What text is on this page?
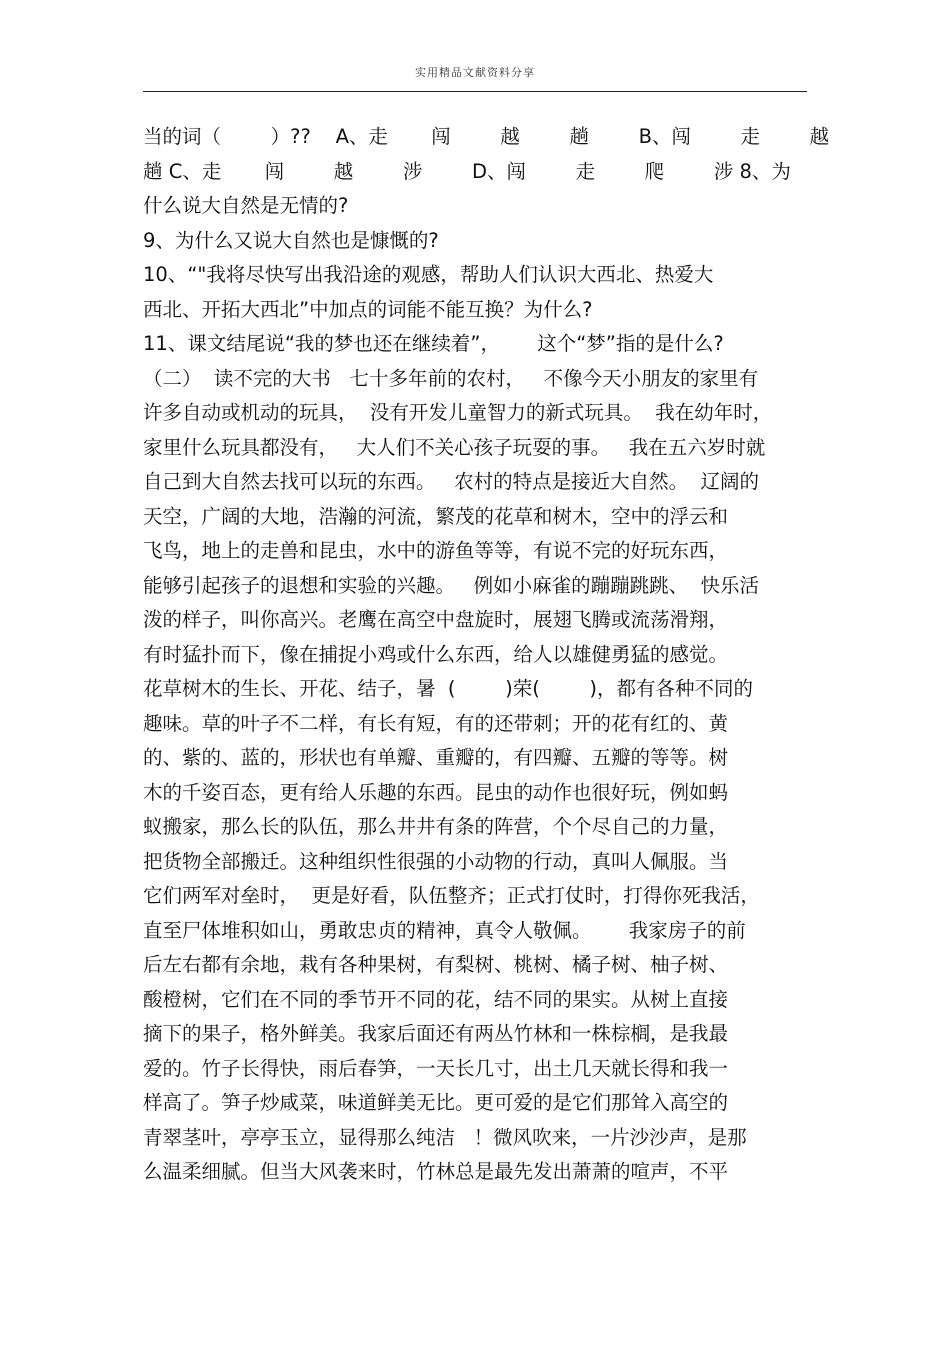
实用精品文献资料分享
当的词（        ）??    A、走       闯        越        趟        B、闯        走        越
趟 C、走       闯        越        涉        D、闯        走        爬        涉 8、为
什么说大自然是无情的?
9、为什么又说大自然也是慷慨的?
10、“"我将尽快写出我沿途的观感，帮助人们认识大西北、热爱大
西北、开拓大西北”中加点的词能不能互换？为什么?
11、课文结尾说“我的梦也还在继续着”，      这个“梦”指的是什么?
（二）  读不完的大书   七十多年前的农村，   不像今天小朋友的家里有
许多自动或机动的玩具，  没有开发儿童智力的新式玩具。  我在幼年时，
家里什么玩具都没有，   大人们不关心孩子玩耍的事。   我在五六岁时就
自己到大自然去找可以玩的东西。   农村的特点是接近大自然。  辽阔的
天空，广阔的大地，浩瀚的河流，繁茂的花草和树木，空中的浮云和
飞鸟，地上的走兽和昆虫，水中的游鱼等等，有说不完的好玩东西，
能够引起孩子的退想和实验的兴趣。   例如小麻雀的蹦蹦跳跳、  快乐活
泼的样子，叫你高兴。老鹰在高空中盘旋时，展翅飞腾或流荡滑翔，
有时猛扑而下，像在捕捉小鸡或什么东西，给人以雄健勇猛的感觉。
花草树木的生长、开花、结子，暑  (        )荣(        )，都有各种不同的
趣味。草的叶子不二样，有长有短，有的还带刺；开的花有红的、黄
的、紫的、蓝的，形状也有单瓣、重瓣的，有四瓣、五瓣的等等。树
木的千姿百态，更有给人乐趣的东西。昆虫的动作也很好玩，例如蚂
蚁搬家，那么长的队伍，那么井井有条的阵营，个个尽自己的力量，
把货物全部搬迁。这种组织性很强的小动物的行动，真叫人佩服。当
它们两军对垒时，  更是好看，队伍整齐；正式打仗时，打得你死我活，
直至尸体堆积如山，勇敢忠贞的精神，真令人敬佩。      我家房子的前
后左右都有余地，栽有各种果树，有梨树、桃树、橘子树、柚子树、
酸橙树，它们在不同的季节开不同的花，结不同的果实。从树上直接
摘下的果子，格外鲜美。我家后面还有两丛竹林和一株棕榈，是我最
爱的。竹子长得快，雨后春笋，一天长几寸，出土几天就长得和我一
样高了。笋子炒咸菜，味道鲜美无比。更可爱的是它们那耸入高空的
青翠茎叶，亭亭玉立，显得那么纯洁   ！微风吹来，一片沙沙声，是那
么温柔细腻。但当大风袭来时，竹林总是最先发出萧萧的喧声，不平
